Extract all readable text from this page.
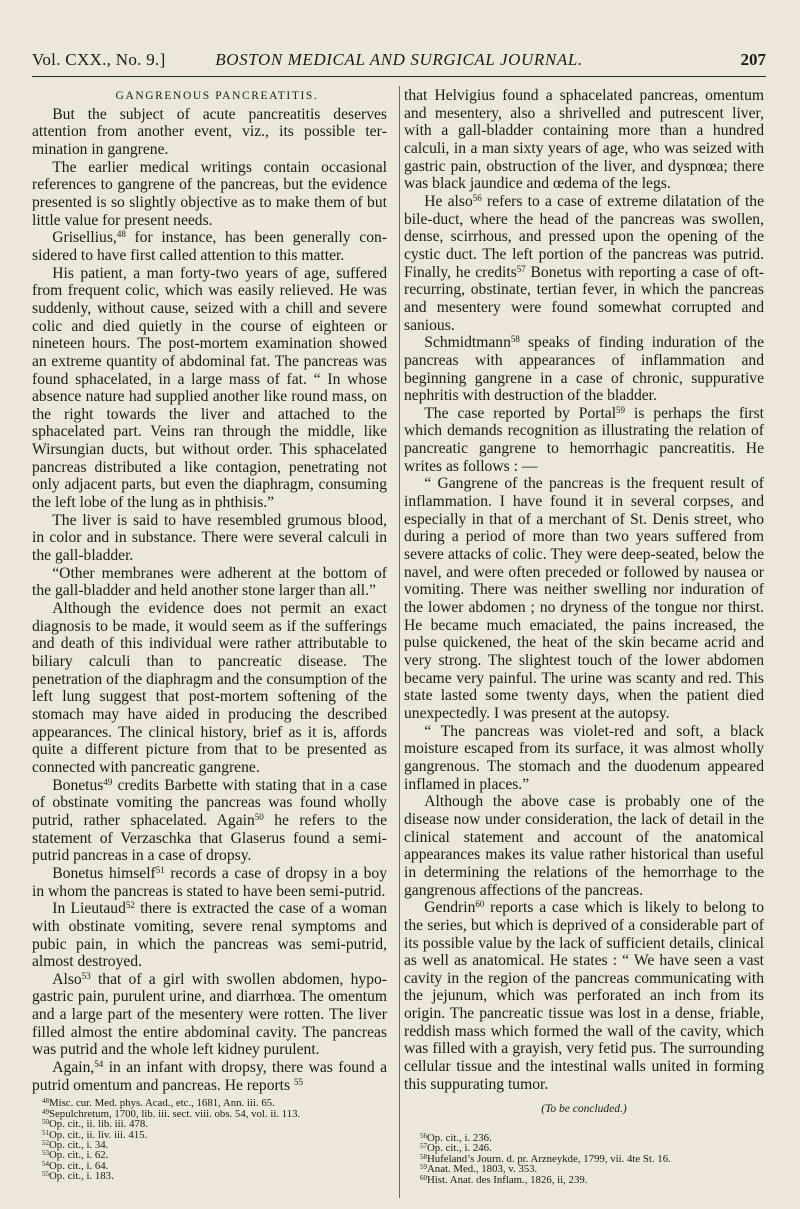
Vol. CXX., No. 9.]	BOSTON MEDICAL AND SURGICAL JOURNAL.	207

GANGRENOUS PANCREATITIS.

But the subject of acute pancreatitis deserves attention from another event, viz., its possible termination in gangrene.

The earlier medical writings contain occasional references to gangrene of the pancreas, but the evidence presented is so slightly objective as to make them of but little value for present needs.

Grisellius,$^{48}$ for instance, has been generally considered to have first called attention to this matter.

His patient, a man forty-two years of age, suffered from frequent colic, which was easily relieved. He was suddenly, without cause, seized with a chill and severe colic and died quietly in the course of eighteen or nineteen hours. The post-mortem examination showed an extreme quantity of abdominal fat. The pancreas was found sphacelated, in a large mass of fat. “ In whose absence nature had supplied another like round mass, on the right towards the liver and attached to the sphacelated part. Veins ran through the middle, like Wirsungian ducts, but without order. This sphacelated pancreas distributed a like contagion, penetrating not only adjacent parts, but even the diaphragm, consuming the left lobe of the lung as in phthisis.”

The liver is said to have resembled grumous blood, in color and in substance. There were several calculi in the gall-bladder.

“Other membranes were adherent at the bottom of the gall-bladder and held another stone larger than all.”

Although the evidence does not permit an exact diagnosis to be made, it would seem as if the sufferings and death of this individual were rather attributable to biliary calculi than to pancreatic disease. The penetration of the diaphragm and the consumption of the left lung suggest that post-mortem softening of the stomach may have aided in producing the described appearances. The clinical history, brief as it is, affords quite a different picture from that to be presented as connected with pancreatic gangrene.

Bonetus$^{49}$ credits Barbette with stating that in a case of obstinate vomiting the pancreas was found wholly putrid, rather sphacelated. Again$^{50}$ he refers to the statement of Verzaschka that Glaserus found a semi-putrid pancreas in a case of dropsy.

Bonetus himself$^{51}$ records a case of dropsy in a boy in whom the pancreas is stated to have been semi-putrid.

In Lieutaud$^{52}$ there is extracted the case of a woman with obstinate vomiting, severe renal symptoms and pubic pain, in which the pancreas was semi-putrid, almost destroyed.

Also$^{53}$ that of a girl with swollen abdomen, hypogastric pain, purulent urine, and diarrhœa. The omentum and a large part of the mesentery were rotten. The liver filled almost the entire abdominal cavity. The pancreas was putrid and the whole left kidney purulent.

Again,$^{54}$ in an infant with dropsy, there was found a putrid omentum and pancreas. He reports $^{55}$

$^{48}$Misc. cur. Med. phys. Acad., etc., 1681, Ann. iii. 65.
$^{49}$Sepulchretum, 1700, lib. iii. sect. viii. obs. 54, vol. ii. 113.
$^{50}$Op. cit., ii. lib. iii. 478.
$^{51}$Op. cit., ii. liv. iii. 415.
$^{52}$Op. cit., i. 34.
$^{53}$Op. cit., i. 62.
$^{54}$Op. cit., i. 64.
$^{55}$Op. cit., i. 183.

that Helvigius found a sphacelated pancreas, omentum and mesentery, also a shrivelled and putrescent liver, with a gall-bladder containing more than a hundred calculi, in a man sixty years of age, who was seized with gastric pain, obstruction of the liver, and dyspnœa; there was black jaundice and œdema of the legs.

He also$^{56}$ refers to a case of extreme dilatation of the bile-duct, where the head of the pancreas was swollen, dense, scirrhous, and pressed upon the opening of the cystic duct. The left portion of the pancreas was putrid. Finally, he credits$^{57}$ Bonetus with reporting a case of oft-recurring, obstinate, tertian fever, in which the pancreas and mesentery were found somewhat corrupted and sanious.

Schmidtmann$^{58}$ speaks of finding induration of the pancreas with appearances of inflammation and beginning gangrene in a case of chronic, suppurative nephritis with destruction of the bladder.

The case reported by Portal$^{59}$ is perhaps the first which demands recognition as illustrating the relation of pancreatic gangrene to hemorrhagic pancreatitis. He writes as follows : —

“ Gangrene of the pancreas is the frequent result of inflammation. I have found it in several corpses, and especially in that of a merchant of St. Denis street, who during a period of more than two years suffered from severe attacks of colic. They were deep-seated, below the navel, and were often preceded or followed by nausea or vomiting. There was neither swelling nor induration of the lower abdomen ; no dryness of the tongue nor thirst. He became much emaciated, the pains increased, the pulse quickened, the heat of the skin became acrid and very strong. The slightest touch of the lower abdomen became very painful. The urine was scanty and red. This state lasted some twenty days, when the patient died unexpectedly. I was present at the autopsy.

“ The pancreas was violet-red and soft, a black moisture escaped from its surface, it was almost wholly gangrenous. The stomach and the duodenum appeared inflamed in places.”

Although the above case is probably one of the disease now under consideration, the lack of detail in the clinical statement and account of the anatomical appearances makes its value rather historical than useful in determining the relations of the hemorrhage to the gangrenous affections of the pancreas.

Gendrin$^{60}$ reports a case which is likely to belong to the series, but which is deprived of a considerable part of its possible value by the lack of sufficient details, clinical as well as anatomical. He states : “ We have seen a vast cavity in the region of the pancreas communicating with the jejunum, which was perforated an inch from its origin. The pancreatic tissue was lost in a dense, friable, reddish mass which formed the wall of the cavity, which was filled with a grayish, very fetid pus. The surrounding cellular tissue and the intestinal walls united in forming this suppurating tumor.

(To be concluded.)
$^{56}$Op. cit., i. 236.
$^{57}$Op. cit., i. 246.
$^{58}$Hufeland’s Journ. d. pr. Arzneykde, 1799, vii. 4te St. 16.
$^{59}$Anat. Med., 1803, v. 353.
$^{60}$Hist. Anat. des Inflam., 1826, ii, 239.
